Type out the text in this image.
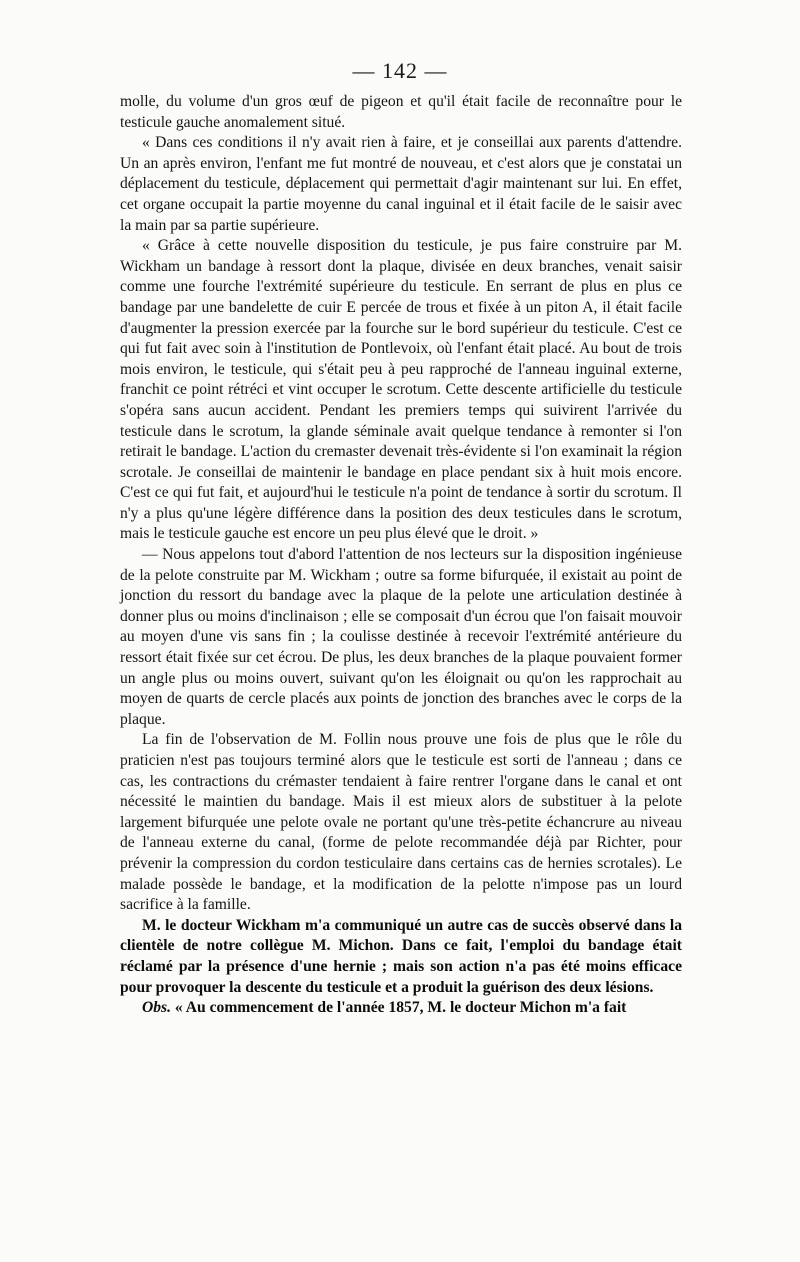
— 142 —

molle, du volume d'un gros œuf de pigeon et qu'il était facile de reconnaître pour le testicule gauche anomalement situé.

« Dans ces conditions il n'y avait rien à faire, et je conseillai aux parents d'attendre. Un an après environ, l'enfant me fut montré de nouveau, et c'est alors que je constatai un déplacement du testicule, déplacement qui permettait d'agir maintenant sur lui. En effet, cet organe occupait la partie moyenne du canal inguinal et il était facile de le saisir avec la main par sa partie supérieure.

« Grâce à cette nouvelle disposition du testicule, je pus faire construire par M. Wickham un bandage à ressort dont la plaque, divisée en deux branches, venait saisir comme une fourche l'extrémité supérieure du testicule. En serrant de plus en plus ce bandage par une bandelette de cuir E percée de trous et fixée à un piton A, il était facile d'augmenter la pression exercée par la fourche sur le bord supérieur du testicule. C'est ce qui fut fait avec soin à l'institution de Pontlevoix, où l'enfant était placé. Au bout de trois mois environ, le testicule, qui s'était peu à peu rapproché de l'anneau inguinal externe, franchit ce point rétréci et vint occuper le scrotum. Cette descente artificielle du testicule s'opéra sans aucun accident. Pendant les premiers temps qui suivirent l'arrivée du testicule dans le scrotum, la glande séminale avait quelque tendance à remonter si l'on retirait le bandage. L'action du cremaster devenait très-évidente si l'on examinait la région scrotale. Je conseillai de maintenir le bandage en place pendant six à huit mois encore. C'est ce qui fut fait, et aujourd'hui le testicule n'a point de tendance à sortir du scrotum. Il n'y a plus qu'une légère différence dans la position des deux testicules dans le scrotum, mais le testicule gauche est encore un peu plus élevé que le droit. »

— Nous appelons tout d'abord l'attention de nos lecteurs sur la disposition ingénieuse de la pelote construite par M. Wickham ; outre sa forme bifurquée, il existait au point de jonction du ressort du bandage avec la plaque de la pelote une articulation destinée à donner plus ou moins d'inclinaison ; elle se composait d'un écrou que l'on faisait mouvoir au moyen d'une vis sans fin ; la coulisse destinée à recevoir l'extrémité antérieure du ressort était fixée sur cet écrou. De plus, les deux branches de la plaque pouvaient former un angle plus ou moins ouvert, suivant qu'on les éloignait ou qu'on les rapprochait au moyen de quarts de cercle placés aux points de jonction des branches avec le corps de la plaque.

La fin de l'observation de M. Follin nous prouve une fois de plus que le rôle du praticien n'est pas toujours terminé alors que le testicule est sorti de l'anneau ; dans ce cas, les contractions du crémaster tendaient à faire rentrer l'organe dans le canal et ont nécessité le maintien du bandage. Mais il est mieux alors de substituer à la pelote largement bifurquée une pelote ovale ne portant qu'une très-petite échancrure au niveau de l'anneau externe du canal, (forme de pelote recommandée déjà par Richter, pour prévenir la compression du cordon testiculaire dans certains cas de hernies scrotales). Le malade possède le bandage, et la modification de la pelotte n'impose pas un lourd sacrifice à la famille.

M. le docteur Wickham m'a communiqué un autre cas de succès observé dans la clientèle de notre collègue M. Michon. Dans ce fait, l'emploi du bandage était réclamé par la présence d'une hernie ; mais son action n'a pas été moins efficace pour provoquer la descente du testicule et a produit la guérison des deux lésions.

Obs. « Au commencement de l'année 1857, M. le docteur Michon m'a fait
